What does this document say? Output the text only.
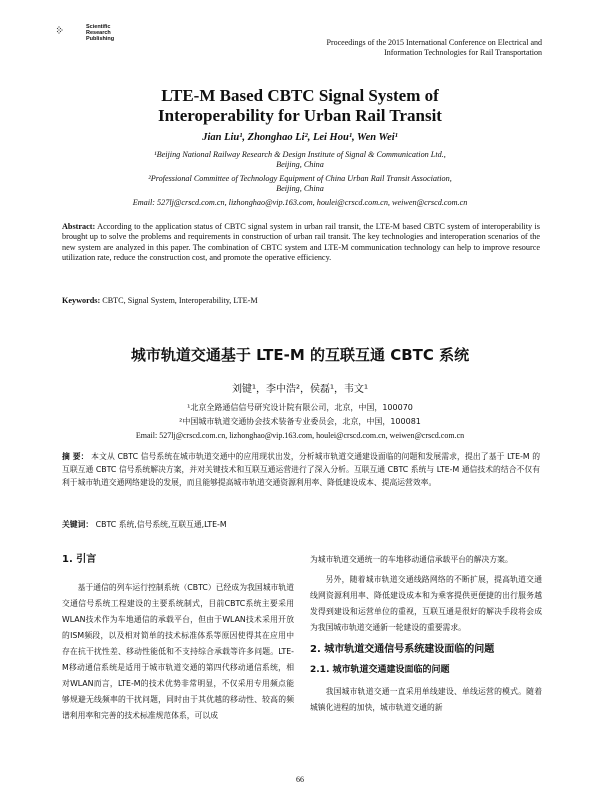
Scientific
Research
Publishing	Proceedings of the 2015 International Conference on Electrical and
Information Technologies for Rail Transportation
LTE-M Based CBTC Signal System of
Interoperability for Urban Rail Transit
Jian Liu¹, Zhonghao Li², Lei Hou¹, Wen Wei¹
¹Beijing National Railway Research & Design Institute of Signal & Communication Ltd.,
Beijing, China
²Professional Committee of Technology Equipment of China Urban Rail Transit Association,
Beijing, China
Email: 527lj@crscd.com.cn, lizhonghao@vip.163.com, houlei@crscd.com.cn, weiwen@crscd.com.cn
Abstract: According to the application status of CBTC signal system in urban rail transit, the LTE-M based CBTC system of interoperability is brought up to solve the problems and requirements in construction of urban rail transit. The key technologies and interoperation scenarios of the new system are analyzed in this paper. The combination of CBTC system and LTE-M communication technology can help to improve resource utilization rate, reduce the construction cost, and promote the operative efficiency.
Keywords: CBTC, Signal System, Interoperability, LTE-M
城市轨道交通基于 LTE-M 的互联互通 CBTC 系统
刘键¹，李中浩²，侯磊¹，韦文¹
¹北京全路通信信号研究设计院有限公司，北京，中国，100070
²中国城市轨道交通协会技术装备专业委员会，北京，中国，100081
Email: 527lj@crscd.com.cn, lizhonghao@vip.163.com, houlei@crscd.com.cn, weiwen@crscd.com.cn
摘 要： 本文从 CBTC 信号系统在城市轨道交通中的应用现状出发，分析城市轨道交通建设面临的问题和发展需求，提出了基于 LTE-M 的互联互通 CBTC 信号系统解决方案，并对关键技术和互联互通运营进行了深入分析。互联互通 CBTC 系统与 LTE-M 通信技术的结合不仅有利于城市轨道交通网络建设的发展，而且能够提高城市轨道交通资源利用率、降低建设成本、提高运营效率。
关键词： CBTC 系统,信号系统,互联互通,LTE-M
1. 引言

基于通信的列车运行控制系统（CBTC）已经成为我国城市轨道交通信号系统工程建设的主要系统制式，目前CBTC系统主要采用WLAN技术作为车地通信的承载平台，但由于WLAN技术采用开放的ISM频段，以及相对简单的技术标准体系等原因使得其在应用中存在抗干扰性差、移动性能低和不支持综合承载等许多问题。LTE-M移动通信系统是适用于城市轨道交通的第四代移动通信系统，相对WLAN而言，LTE-M的技术优势非常明显，不仅采用专用频点能够规避无线频率的干扰问题，同时由于其优越的移动性、较高的频谱利用率和完善的技术标准规范体系，可以成

为城市轨道交通统一的车地移动通信承载平台的解决方案。

另外，随着城市轨道交通线路网络的不断扩展，提高轨道交通线网资源利用率、降低建设成本和为乘客提供更便捷的出行服务越发得到建设和运营单位的重视，互联互通是很好的解决手段将会成为我国城市轨道交通新一轮建设的重要需求。

2. 城市轨道交通信号系统建设面临的问题
2.1. 城市轨道交通建设面临的问题

我国城市轨道交通一直采用单线建设、单线运营的模式。随着城镇化进程的加快，城市轨道交通的新

66
